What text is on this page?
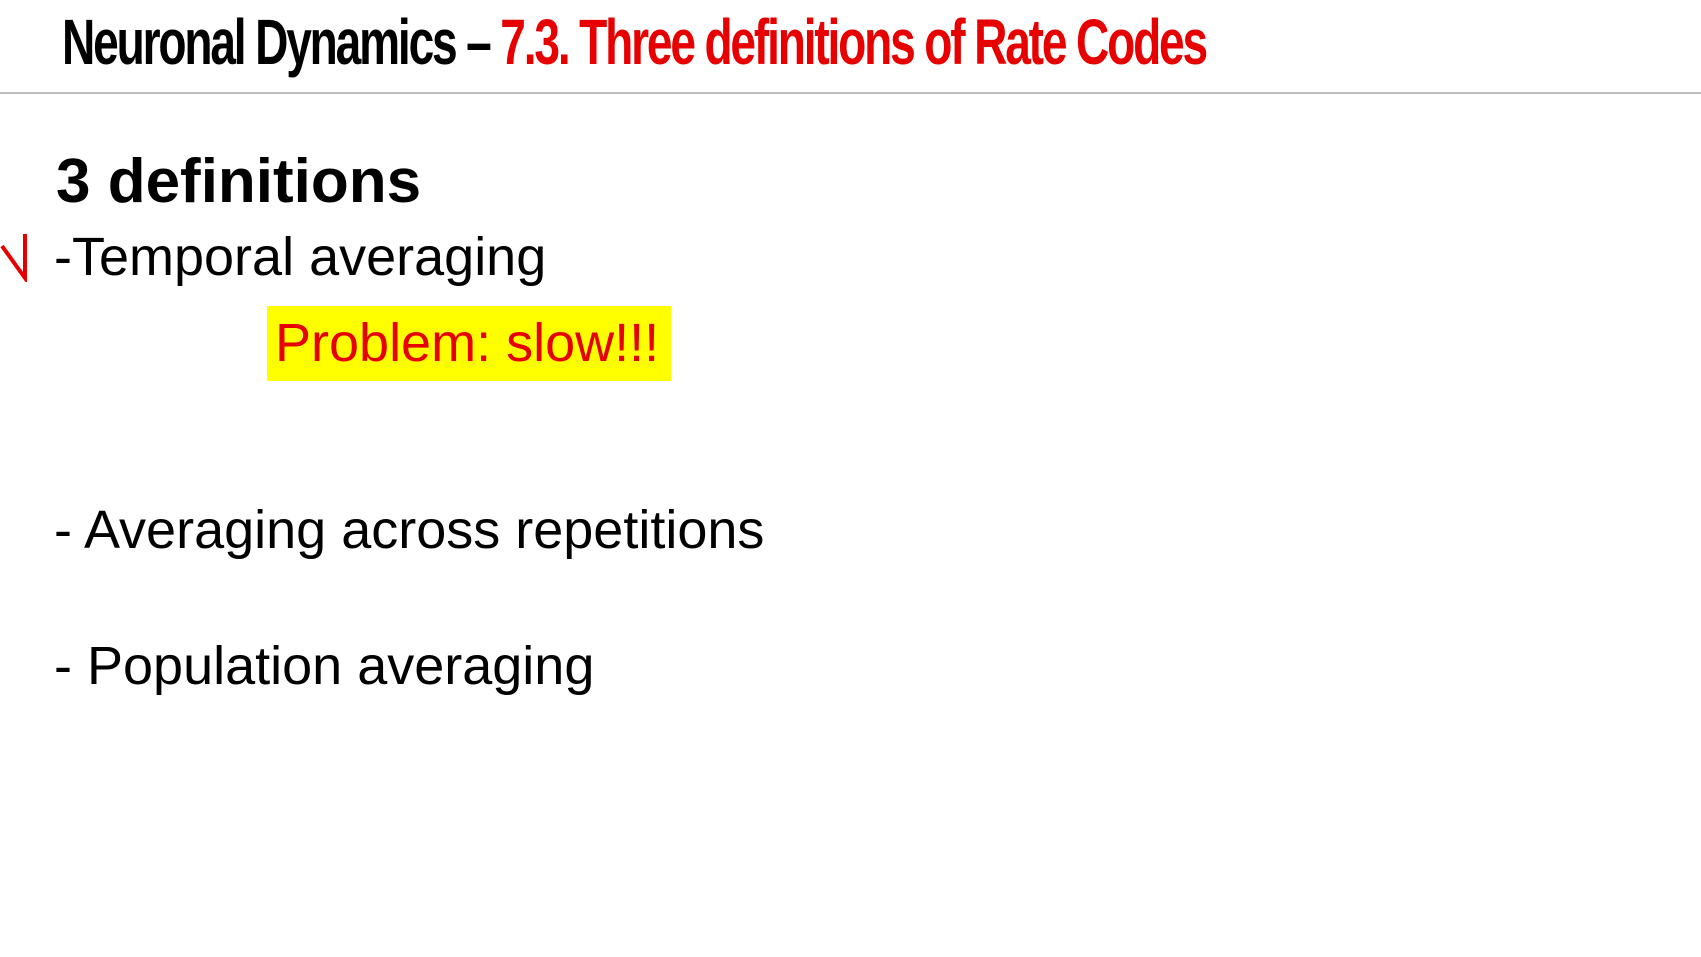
Neuronal Dynamics – 7.3. Three definitions of Rate Codes
3 definitions

-Temporal averaging

Problem: slow!!!

- Averaging across repetitions

- Population averaging
